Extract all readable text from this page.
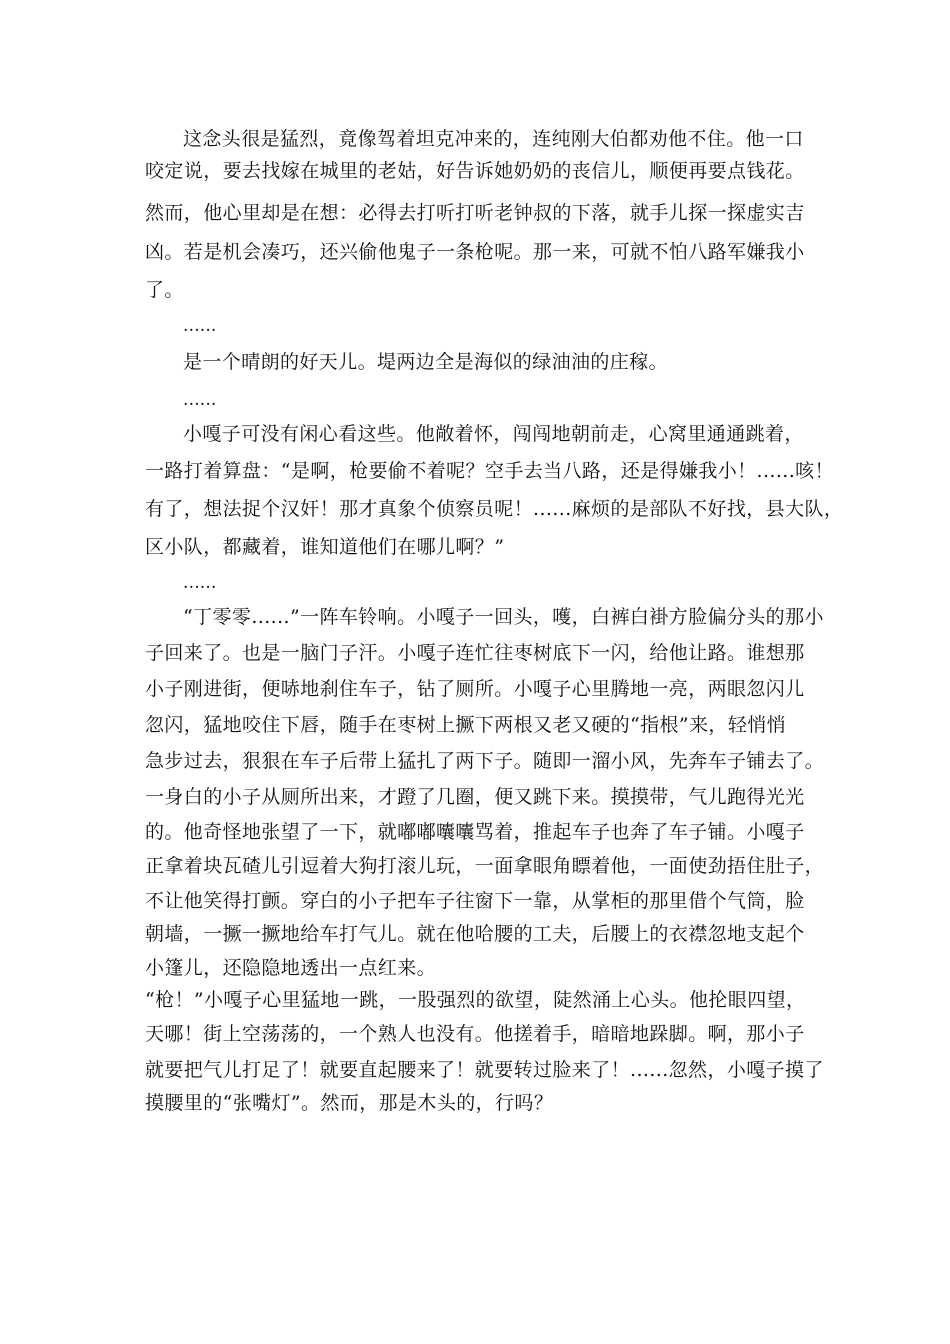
这念头很是猛烈，竟像驾着坦克冲来的，连纯刚大伯都劝他不住。他一口
咬定说，要去找嫁在城里的老姑，好告诉她奶奶的丧信儿，顺便再要点钱花。
然而，他心里却是在想：必得去打听打听老钟叔的下落，就手儿探一探虚实吉
凶。若是机会凑巧，还兴偷他鬼子一条枪呢。那一来，可就不怕八路军嫌我小
了。
......
是一个晴朗的好天儿。堤两边全是海似的绿油油的庄稼。
......
小嘎子可没有闲心看这些。他敞着怀，闯闯地朝前走，心窝里通通跳着，
一路打着算盘：“是啊，枪要偷不着呢？空手去当八路，还是得嫌我小！......咳！
有了，想法捉个汉奸！那才真象个侦察员呢！......麻烦的是部队不好找，县大队，
区小队，都藏着，谁知道他们在哪儿啊？”
......
“丁零零......”一阵车铃响。小嘎子一回头，嚄，白裤白褂方脸偏分头的那小
子回来了。也是一脑门子汗。小嘎子连忙往枣树底下一闪，给他让路。谁想那
小子刚进街，便哧地刹住车子，钻了厕所。小嘎子心里腾地一亮，两眼忽闪儿
忽闪，猛地咬住下唇，随手在枣树上撅下两根又老又硬的“指根”来，轻悄悄
急步过去，狠狠在车子后带上猛扎了两下子。随即一溜小风，先奔车子铺去了。
一身白的小子从厕所出来，才蹬了几圈，便又跳下来。摸摸带，气儿跑得光光
的。他奇怪地张望了一下，就嘟嘟囔囔骂着，推起车子也奔了车子铺。小嘎子
正拿着块瓦碴儿引逗着大狗打滚儿玩，一面拿眼角瞟着他，一面使劲捂住肚子，
不让他笑得打颤。穿白的小子把车子往窗下一靠，从掌柜的那里借个气筒，脸
朝墙，一撅一撅地给车打气儿。就在他哈腰的工夫，后腰上的衣襟忽地支起个
小篷儿，还隐隐地透出一点红来。
“枪！”小嘎子心里猛地一跳，一股强烈的欲望，陡然涌上心头。他抡眼四望，
天哪！街上空荡荡的，一个熟人也没有。他搓着手，暗暗地跺脚。啊，那小子
就要把气儿打足了！就要直起腰来了！就要转过脸来了！......忽然，小嘎子摸了
摸腰里的“张嘴灯”。然而，那是木头的，行吗？
